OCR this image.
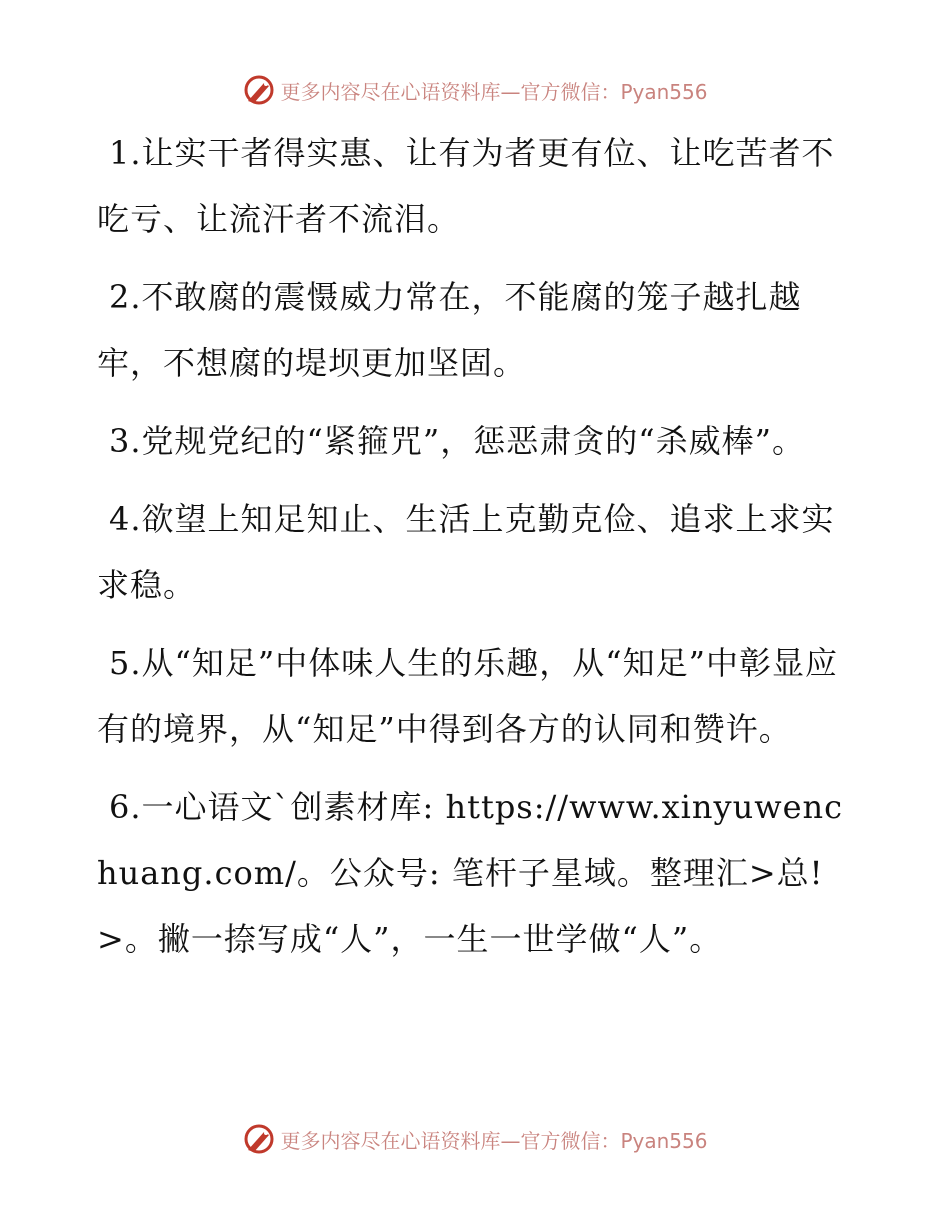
更多内容尽在心语资料库—官方微信：Pyan556

1.让实干者得实惠、让有为者更有位、让吃苦者不吃亏、让流汗者不流泪。

2.不敢腐的震慑威力常在，不能腐的笼子越扎越牢，不想腐的堤坝更加坚固。

3.党规党纪的“紧箍咒”，惩恶肃贪的“杀威棒”。

4.欲望上知足知止、生活上克勤克俭、追求上求实求稳。

5.从“知足”中体味人生的乐趣，从“知足”中彰显应有的境界，从“知足”中得到各方的认同和赞许。

6.一心语文`创素材库: https://www.xinyuwenchuang.com/。公众号: 笔杆子星域。整理汇>总! >。撇一捺写成“人”，一生一世学做“人”。

更多内容尽在心语资料库—官方微信：Pyan556
